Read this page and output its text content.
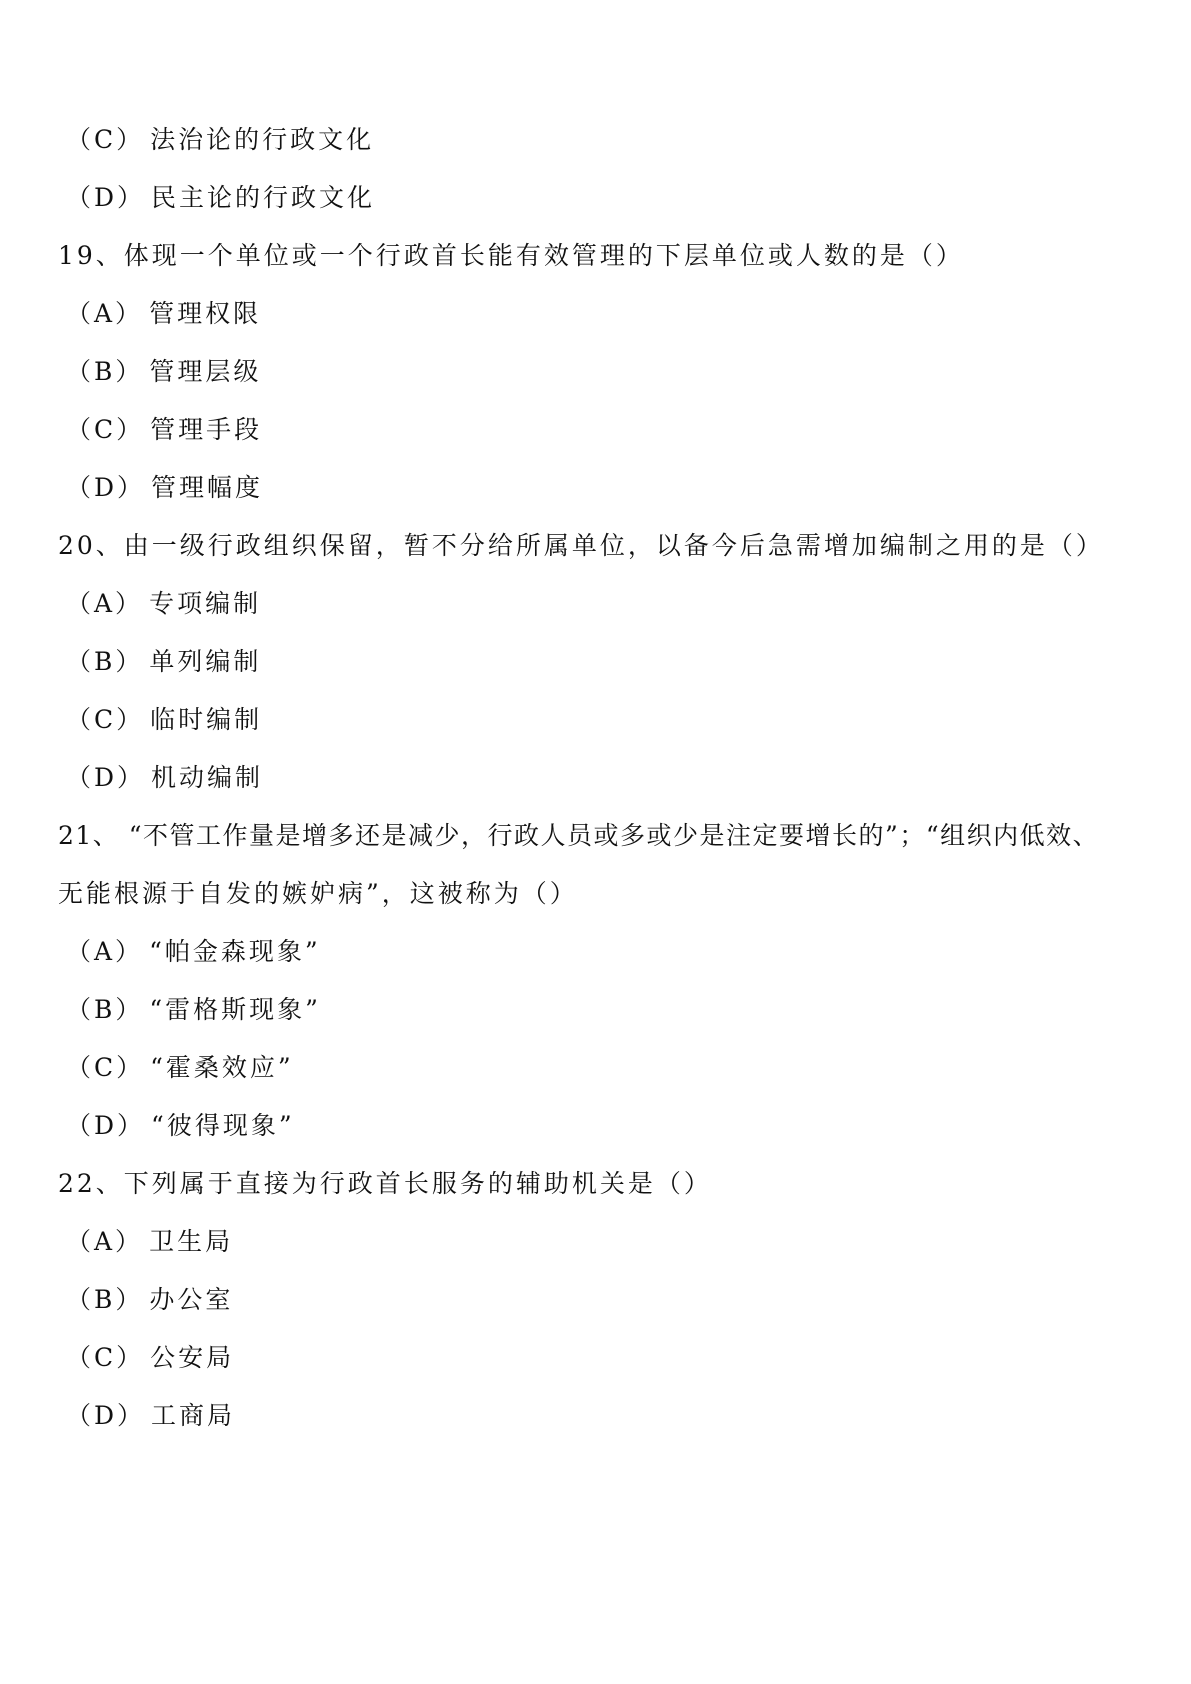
（C） 法治论的行政文化
（D） 民主论的行政文化
19、体现一个单位或一个行政首长能有效管理的下层单位或人数的是（）
（A） 管理权限
（B） 管理层级
（C） 管理手段
（D） 管理幅度
20、由一级行政组织保留，暂不分给所属单位，以备今后急需增加编制之用的是（）
（A） 专项编制
（B） 单列编制
（C） 临时编制
（D） 机动编制
21、 “不管工作量是增多还是减少，行政人员或多或少是注定要增长的”；“组织内低效、
无能根源于自发的嫉妒病”，这被称为（）
（A） “帕金森现象”
（B） “雷格斯现象”
（C） “霍桑效应”
（D） “彼得现象”
22、下列属于直接为行政首长服务的辅助机关是（）
（A） 卫生局
（B） 办公室
（C） 公安局
（D） 工商局
